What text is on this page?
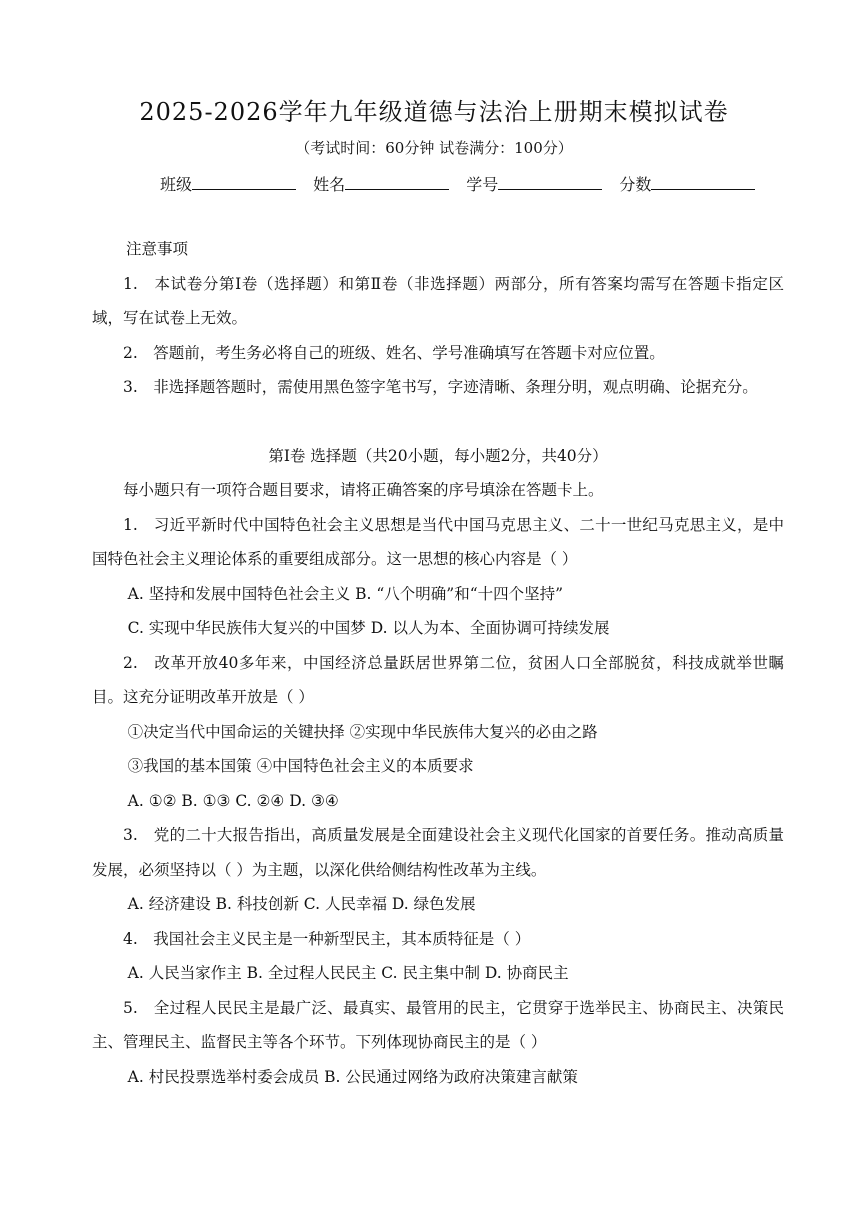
2025-2026学年九年级道德与法治上册期末模拟试卷
（考试时间：60分钟 试卷满分：100分）
班级	姓名	学号	分数

注意事项

1.　本试卷分第Ⅰ卷（选择题）和第Ⅱ卷（非选择题）两部分，所有答案均需写在答题卡指定区域，写在试卷上无效。

2.　答题前，考生务必将自己的班级、姓名、学号准确填写在答题卡对应位置。

3.　非选择题答题时，需使用黑色签字笔书写，字迹清晰、条理分明，观点明确、论据充分。

第Ⅰ卷 选择题（共20小题，每小题2分，共40分）

每小题只有一项符合题目要求，请将正确答案的序号填涂在答题卡上。

1.　习近平新时代中国特色社会主义思想是当代中国马克思主义、二十一世纪马克思主义，是中国特色社会主义理论体系的重要组成部分。这一思想的核心内容是（ ）

A. 坚持和发展中国特色社会主义 B. “八个明确”和“十四个坚持”

C. 实现中华民族伟大复兴的中国梦 D. 以人为本、全面协调可持续发展

2.　改革开放40多年来，中国经济总量跃居世界第二位，贫困人口全部脱贫，科技成就举世瞩目。这充分证明改革开放是（ ）

①决定当代中国命运的关键抉择 ②实现中华民族伟大复兴的必由之路

③我国的基本国策 ④中国特色社会主义的本质要求

A. ①② B. ①③ C. ②④ D. ③④

3.　党的二十大报告指出，高质量发展是全面建设社会主义现代化国家的首要任务。推动高质量发展，必须坚持以（ ）为主题，以深化供给侧结构性改革为主线。

A. 经济建设 B. 科技创新 C. 人民幸福 D. 绿色发展

4.　我国社会主义民主是一种新型民主，其本质特征是（ ）

A. 人民当家作主 B. 全过程人民民主 C. 民主集中制 D. 协商民主

5.　全过程人民民主是最广泛、最真实、最管用的民主，它贯穿于选举民主、协商民主、决策民主、管理民主、监督民主等各个环节。下列体现协商民主的是（ ）

A. 村民投票选举村委会成员 B. 公民通过网络为政府决策建言献策
